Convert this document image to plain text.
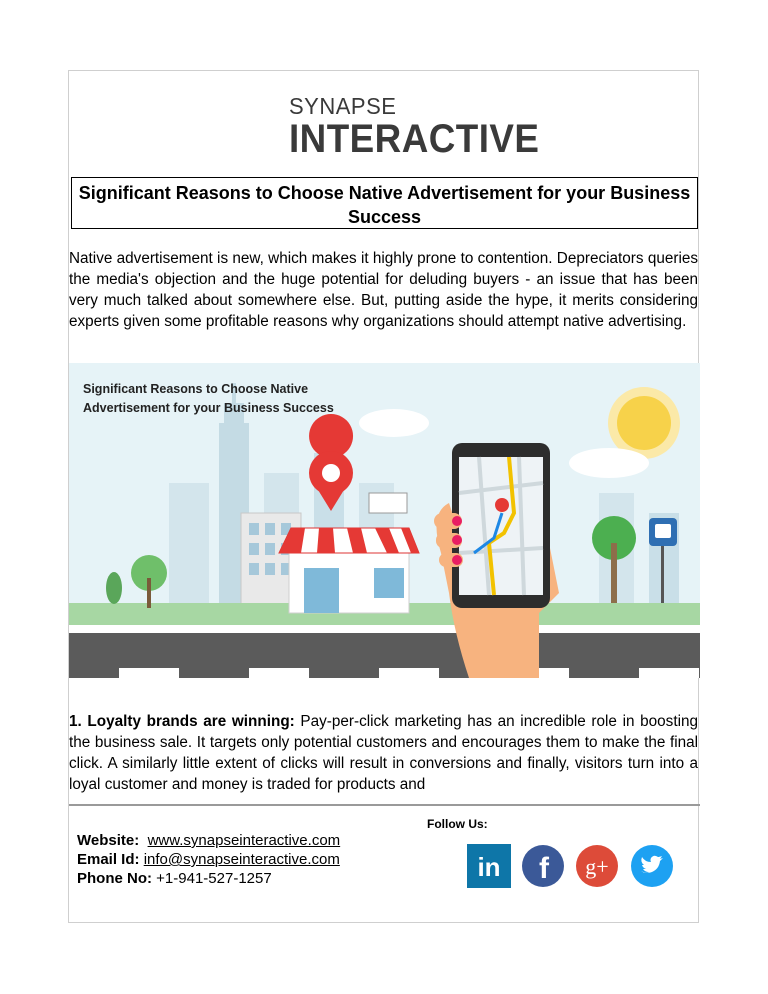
SYNAPSE
INTERACTIVE
Significant Reasons to Choose Native Advertisement for your Business Success
Native advertisement is new, which makes it highly prone to contention. Depreciators queries the media's objection and the huge potential for deluding buyers - an issue that has been very much talked about somewhere else. But, putting aside the hype, it merits considering experts given some profitable reasons why organizations should attempt native advertising.
Significant Reasons to Choose Native
Advertisement for your Business Success
1. Loyalty brands are winning: Pay-per-click marketing has an incredible role in boosting the business sale. It targets only potential customers and encourages them to make the final click. A similarly little extent of clicks will result in conversions and finally, visitors turn into a loyal customer and money is traded for products and
Follow Us:
Website: www.synapseinteractive.com
Email Id: info@synapseinteractive.com
Phone No: +1-941-527-1257	in f g+
